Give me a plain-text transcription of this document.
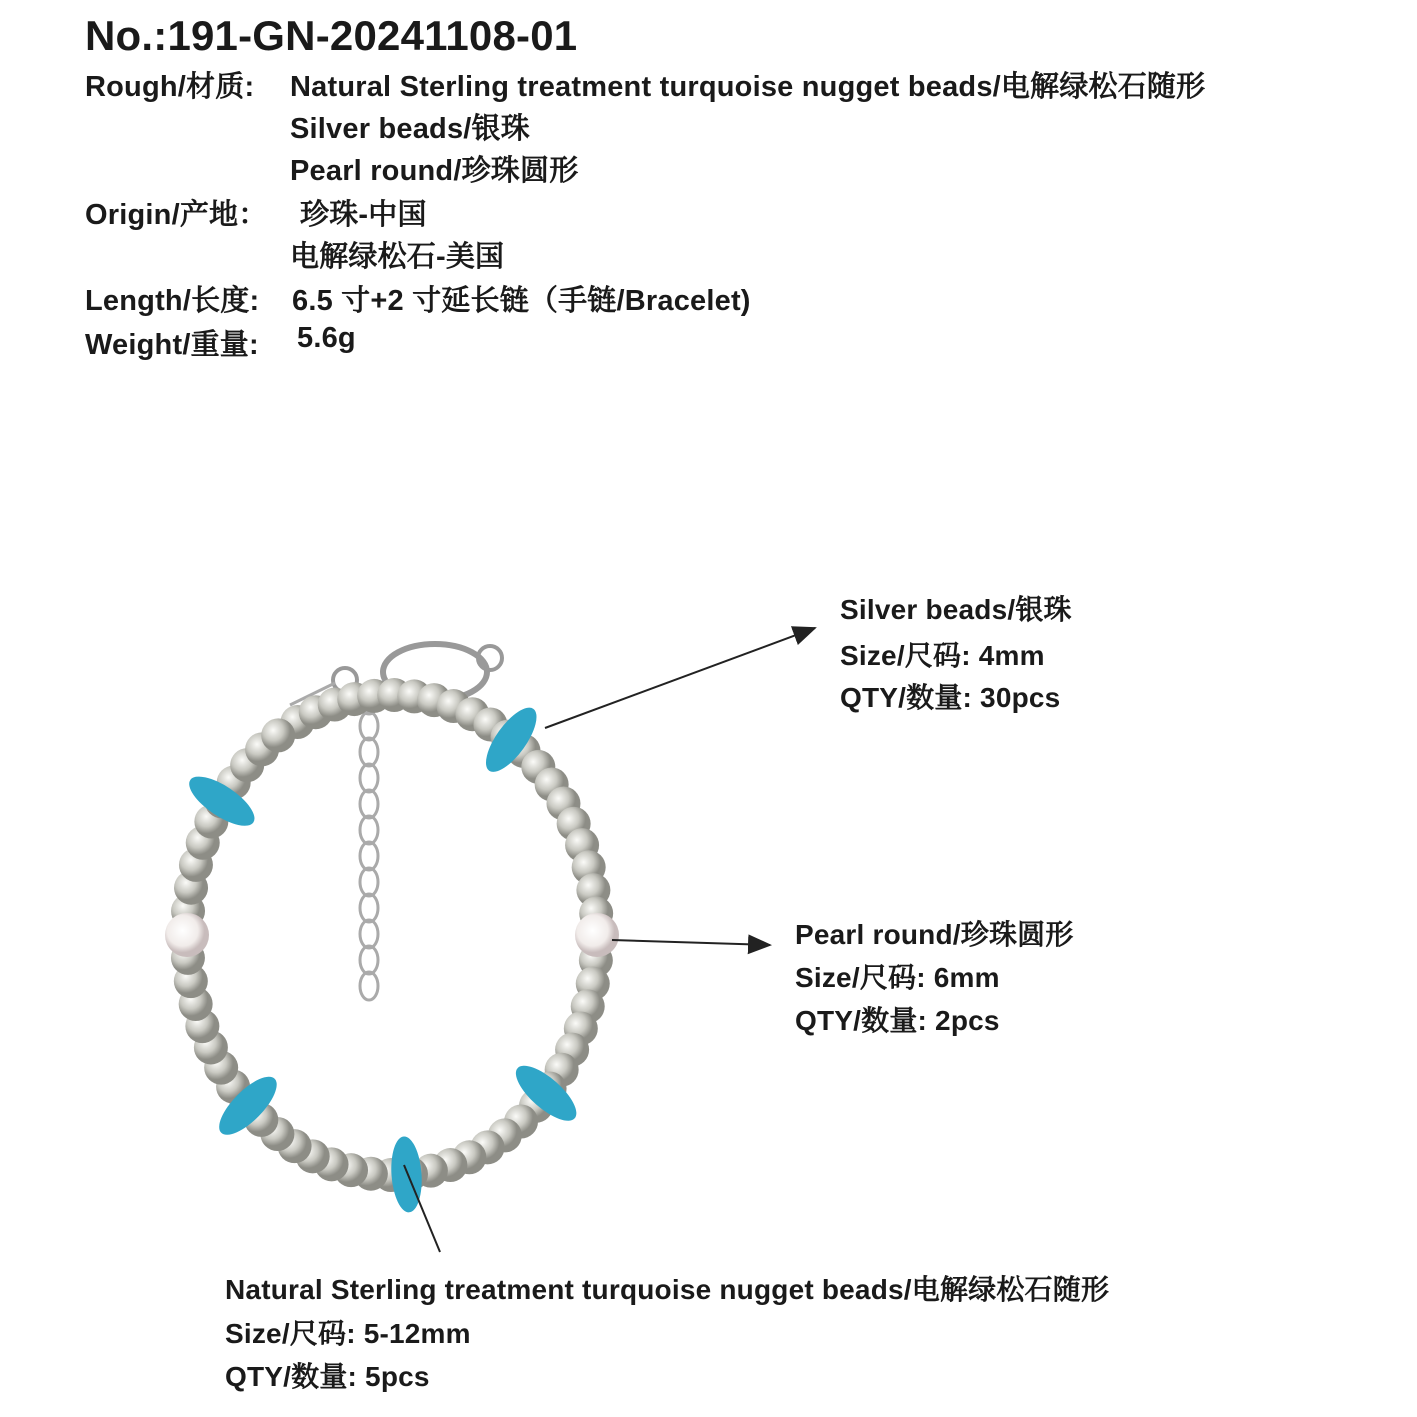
No.:191-GN-20241108-01
Rough/材质: Natural Sterling treatment turquoise nugget beads/电解绿松石随形
Silver beads/银珠
Pearl round/珍珠圆形
Origin/产地： 珍珠-中国
电解绿松石-美国
Length/长度: 6.5 寸+2 寸延长链（手链/Bracelet)
Weight/重量: 5.6g
Silver beads/银珠
Size/尺码: 4mm
QTY/数量: 30pcs
Pearl round/珍珠圆形
Size/尺码: 6mm
QTY/数量: 2pcs
Natural Sterling treatment turquoise nugget beads/电解绿松石随形
Size/尺码: 5-12mm
QTY/数量: 5pcs
